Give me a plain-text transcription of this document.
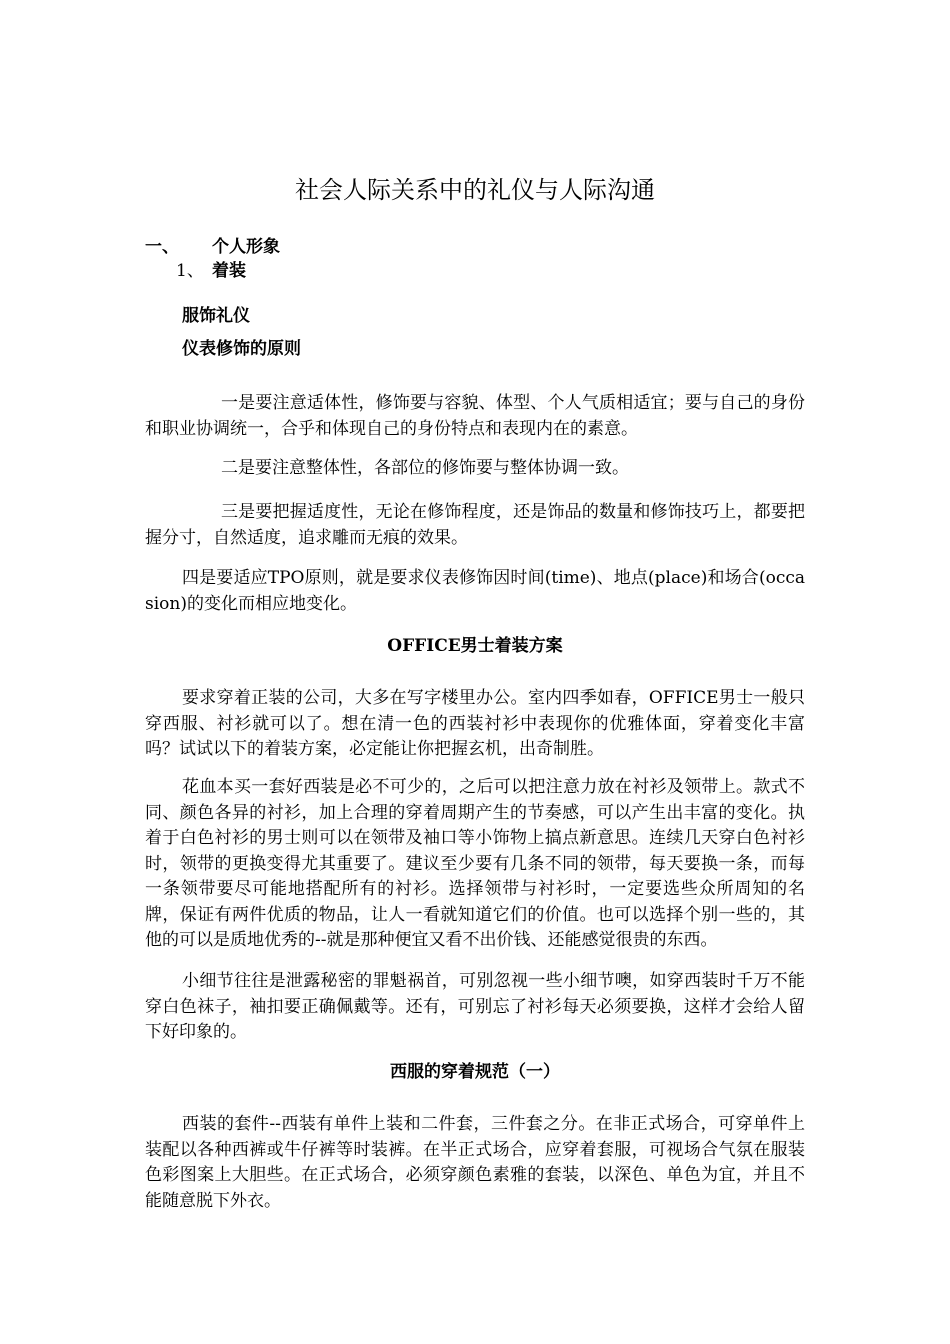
社会人际关系中的礼仪与人际沟通
一、 个人形象
1、 着装
服饰礼仪
仪表修饰的原则
一是要注意适体性，修饰要与容貌、体型、个人气质相适宜；要与自己的身份和职业协调统一，合乎和体现自己的身份特点和表现内在的素意。
二是要注意整体性，各部位的修饰要与整体协调一致。
三是要把握适度性，无论在修饰程度，还是饰品的数量和修饰技巧上，都要把握分寸，自然适度，追求雕而无痕的效果。
四是要适应TPO原则，就是要求仪表修饰因时间(time)、地点(place)和场合(occasion)的变化而相应地变化。
OFFICE男士着装方案
要求穿着正装的公司，大多在写字楼里办公。室内四季如春，OFFICE男士一般只穿西服、衬衫就可以了。想在清一色的西装衬衫中表现你的优雅体面，穿着变化丰富吗？试试以下的着装方案，必定能让你把握玄机，出奇制胜。
花血本买一套好西装是必不可少的，之后可以把注意力放在衬衫及领带上。款式不同、颜色各异的衬衫，加上合理的穿着周期产生的节奏感，可以产生出丰富的变化。执着于白色衬衫的男士则可以在领带及袖口等小饰物上搞点新意思。连续几天穿白色衬衫时，领带的更换变得尤其重要了。建议至少要有几条不同的领带，每天要换一条，而每一条领带要尽可能地搭配所有的衬衫。选择领带与衬衫时，一定要选些众所周知的名牌，保证有两件优质的物品，让人一看就知道它们的价值。也可以选择个别一些的，其他的可以是质地优秀的--就是那种便宜又看不出价钱、还能感觉很贵的东西。
小细节往往是泄露秘密的罪魁祸首，可别忽视一些小细节噢，如穿西装时千万不能穿白色袜子，袖扣要正确佩戴等。还有，可别忘了衬衫每天必须要换，这样才会给人留下好印象的。
西服的穿着规范（一）
西装的套件--西装有单件上装和二件套，三件套之分。在非正式场合，可穿单件上装配以各种西裤或牛仔裤等时装裤。在半正式场合，应穿着套服，可视场合气氛在服装色彩图案上大胆些。在正式场合，必须穿颜色素雅的套装，以深色、单色为宜，并且不能随意脱下外衣。
